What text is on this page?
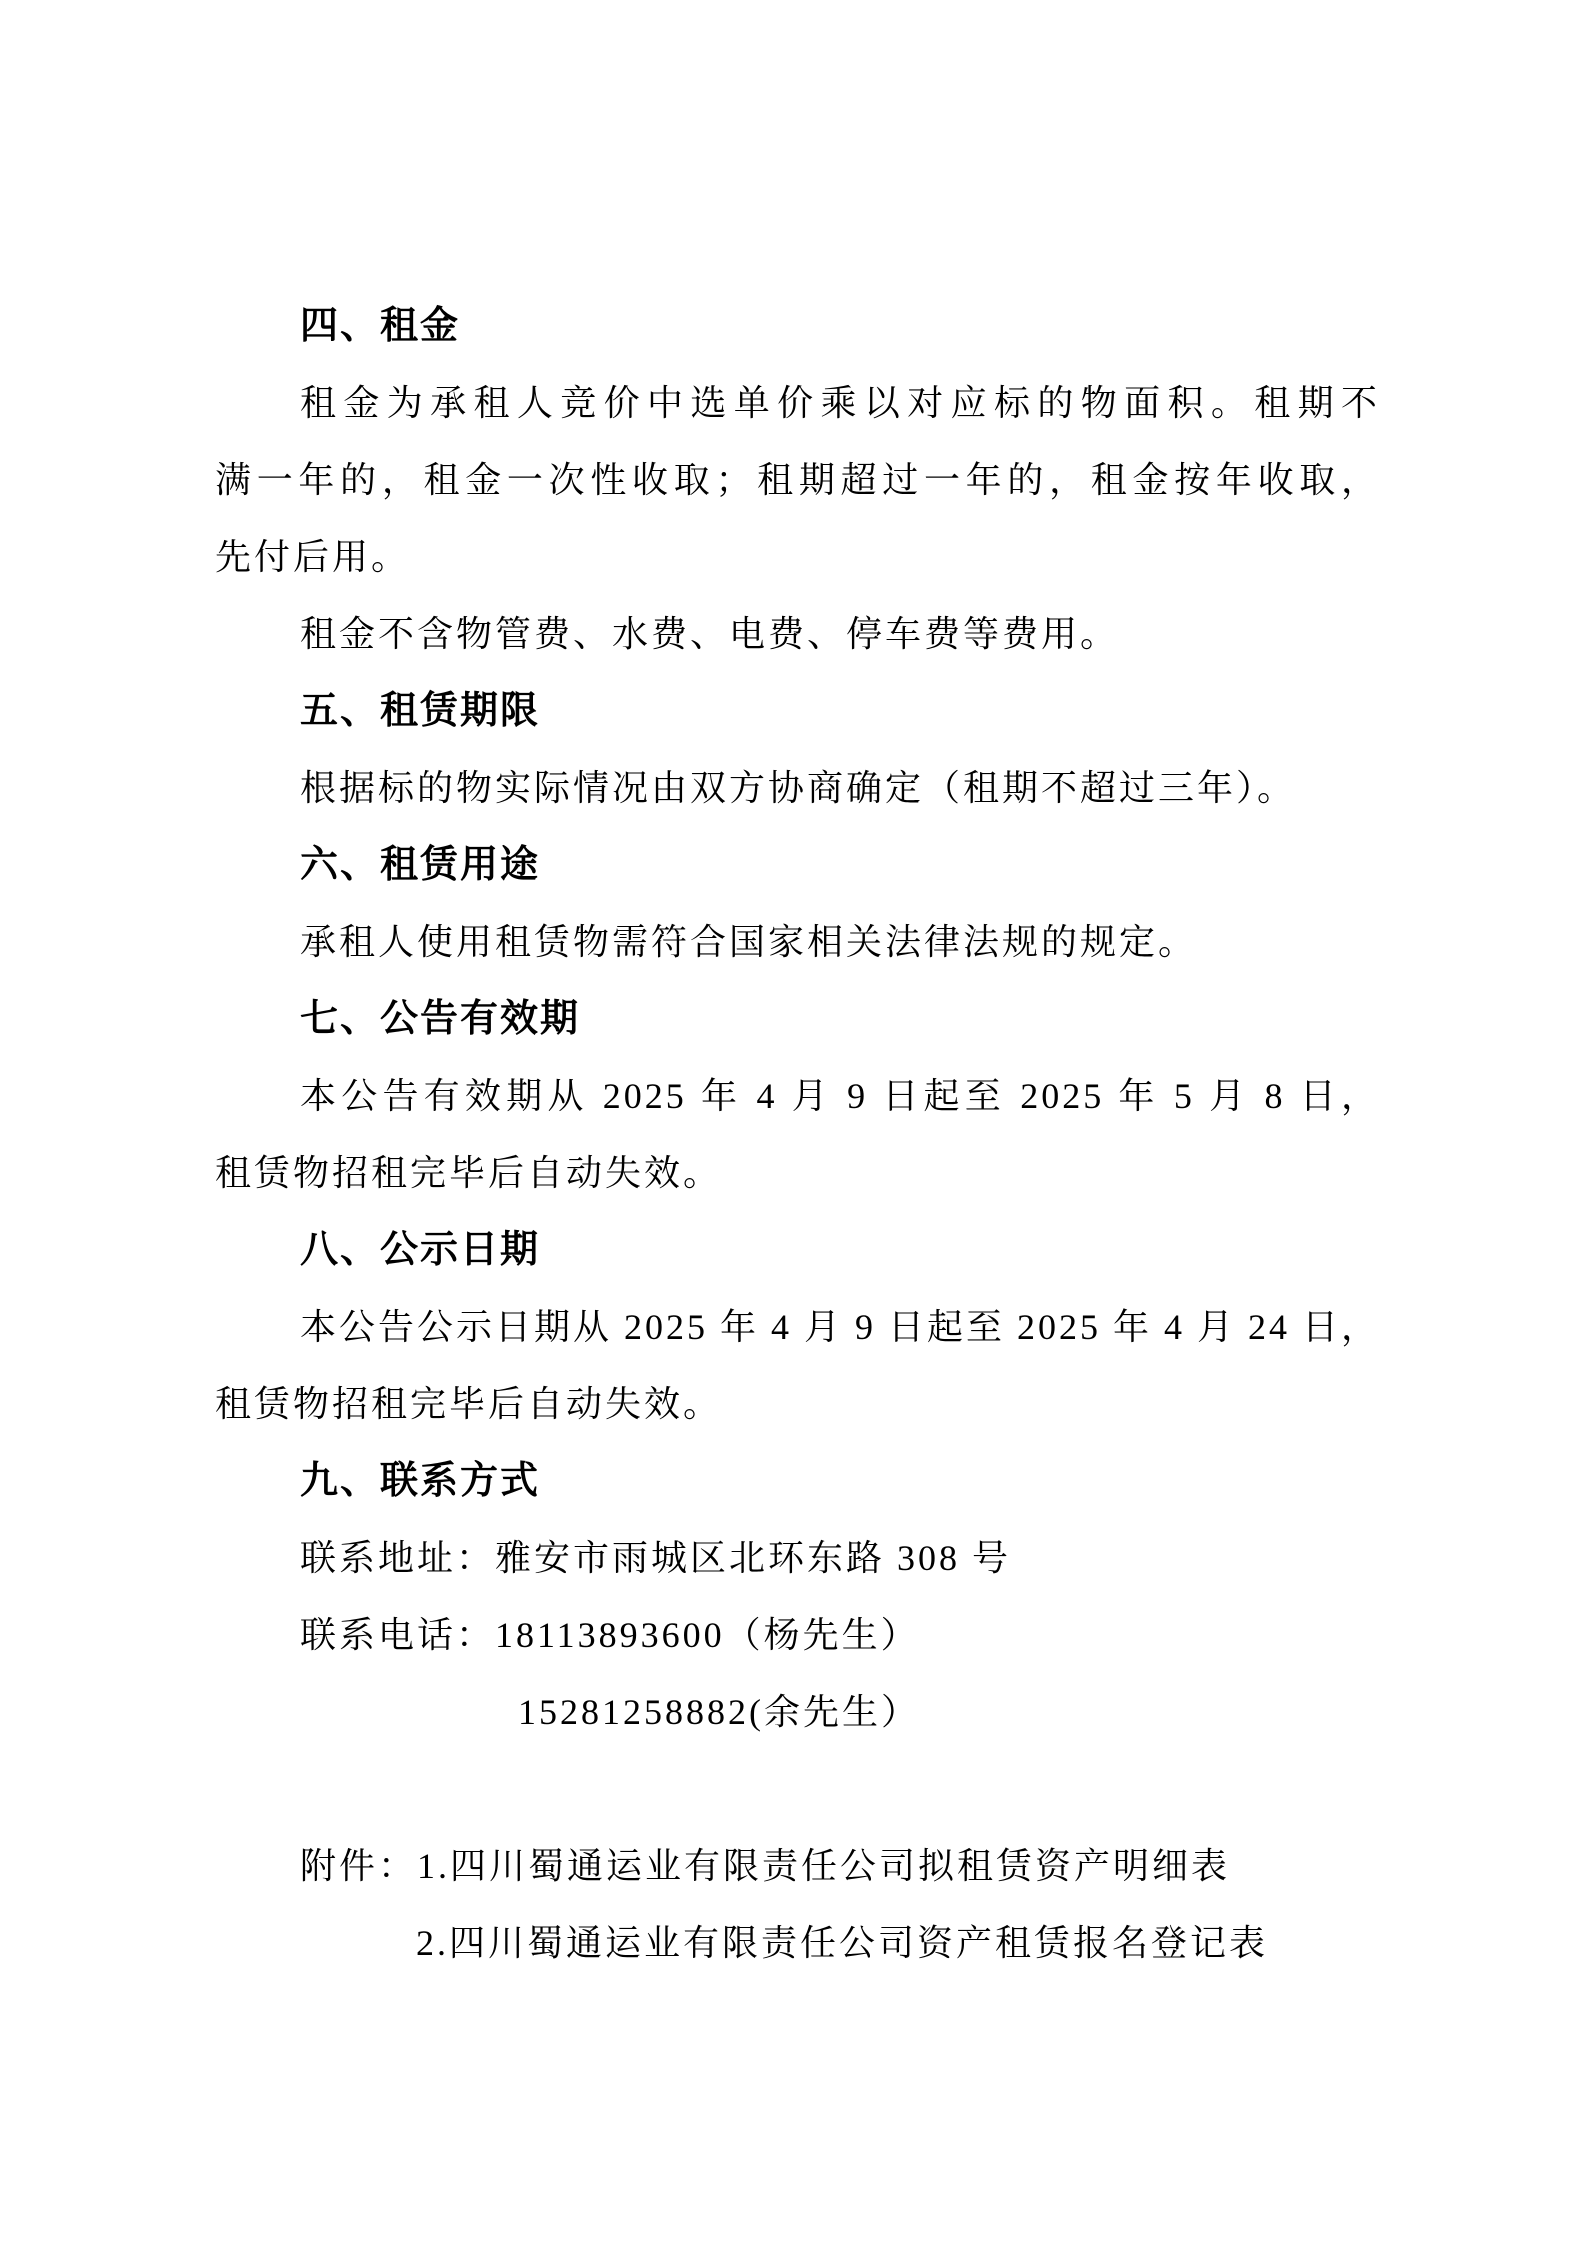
四、租金
租金为承租人竞价中选单价乘以对应标的物面积。租期不
满一年的，租金一次性收取；租期超过一年的，租金按年收取，
先付后用。
租金不含物管费、水费、电费、停车费等费用。
五、租赁期限
根据标的物实际情况由双方协商确定（租期不超过三年）。
六、租赁用途
承租人使用租赁物需符合国家相关法律法规的规定。
七、公告有效期
本公告有效期从 2025 年 4 月 9 日起至 2025 年 5 月 8 日，
租赁物招租完毕后自动失效。
八、公示日期
本公告公示日期从 2025 年 4 月 9 日起至 2025 年 4 月 24 日，
租赁物招租完毕后自动失效。
九、联系方式
联系地址：雅安市雨城区北环东路 308 号
联系电话：18113893600（杨先生）
15281258882(余先生）
附件：1.四川蜀通运业有限责任公司拟租赁资产明细表
2.四川蜀通运业有限责任公司资产租赁报名登记表
